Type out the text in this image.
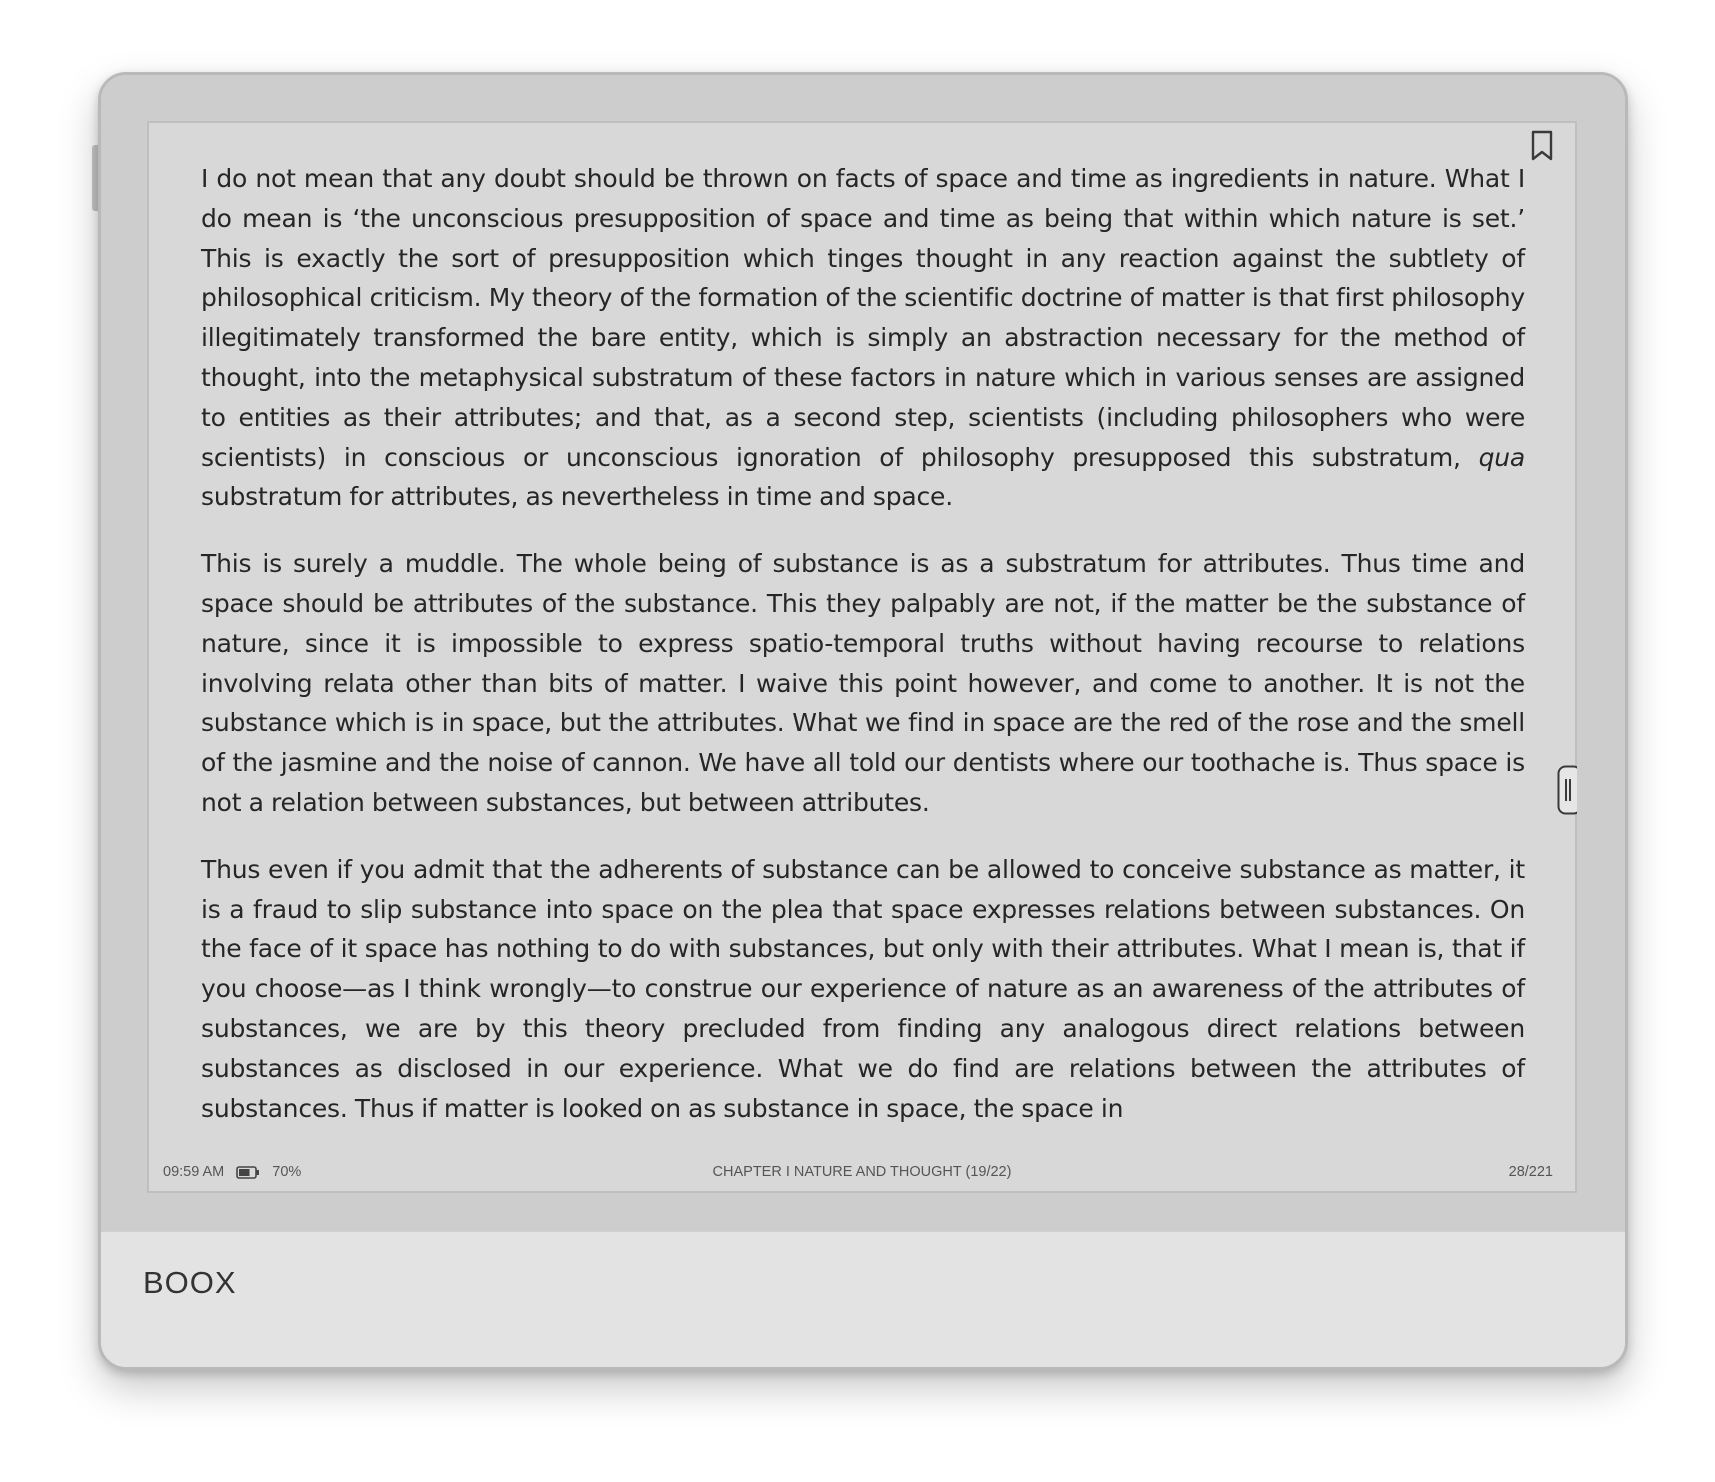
I do not mean that any doubt should be thrown on facts of space and time as ingredients in nature. What I do mean is ‘the unconscious presupposition of space and time as being that within which nature is set.’ This is exactly the sort of presupposition which tinges thought in any reaction against the subtlety of philosophical criticism. My theory of the formation of the scientific doctrine of matter is that first philosophy illegitimately transformed the bare entity, which is simply an abstraction necessary for the method of thought, into the metaphysical substratum of these factors in nature which in various senses are assigned to entities as their attributes; and that, as a second step, scientists (including philosophers who were scientists) in conscious or unconscious ignoration of philosophy presupposed this substratum, qua substratum for attributes, as nevertheless in time and space.

This is surely a muddle. The whole being of substance is as a substratum for attributes. Thus time and space should be attributes of the substance. This they palpably are not, if the matter be the substance of nature, since it is impossible to express spatio-temporal truths without having recourse to relations involving relata other than bits of matter. I waive this point however, and come to another. It is not the substance which is in space, but the attributes. What we find in space are the red of the rose and the smell of the jasmine and the noise of cannon. We have all told our dentists where our toothache is. Thus space is not a relation between substances, but between attributes.

Thus even if you admit that the adherents of substance can be allowed to conceive substance as matter, it is a fraud to slip substance into space on the plea that space expresses relations between substances. On the face of it space has nothing to do with substances, but only with their attributes. What I mean is, that if you choose—as I think wrongly—to construe our experience of nature as an awareness of the attributes of substances, we are by this theory precluded from finding any analogous direct relations between substances as disclosed in our experience. What we do find are relations between the attributes of substances. Thus if matter is looked on as substance in space, the space in

09:59 AM	70%	CHAPTER I NATURE AND THOUGHT (19/22)	28/221
BOOX
